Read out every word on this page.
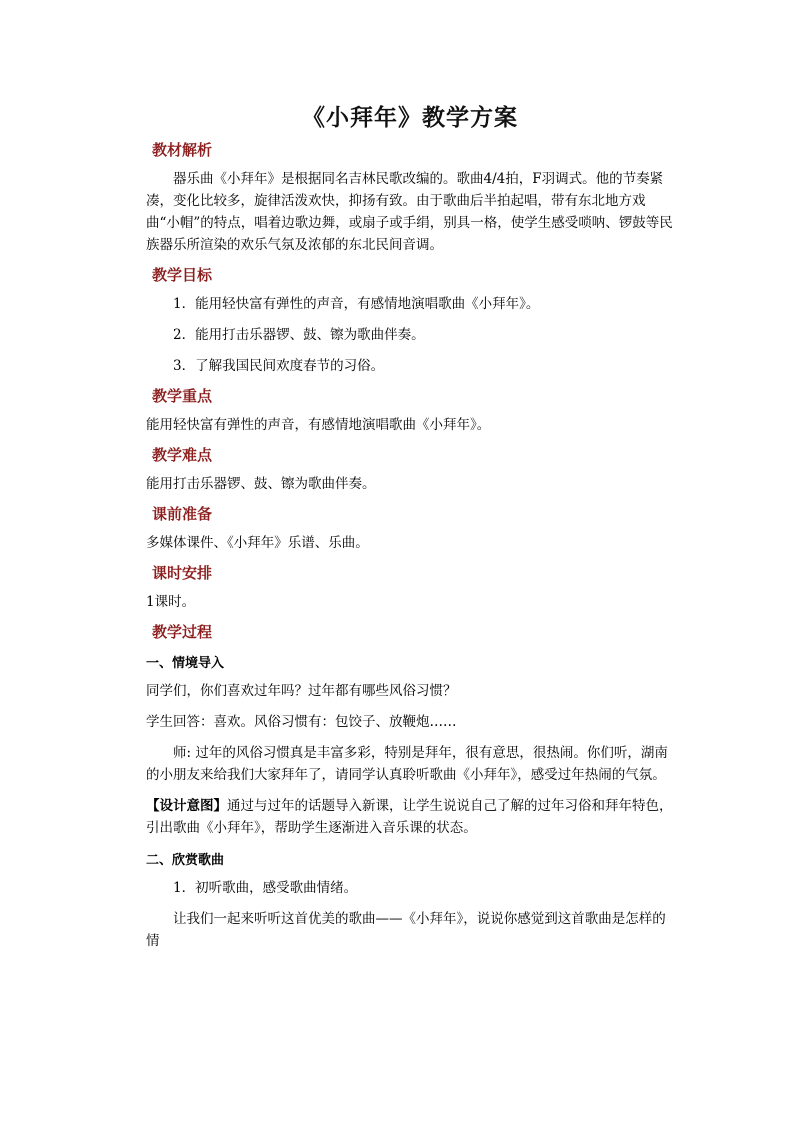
《小拜年》教学方案
教材解析

器乐曲《小拜年》是根据同名吉林民歌改编的。歌曲4/4拍，F羽调式。他的节奏紧凑，变化比较多，旋律活泼欢快，抑扬有致。由于歌曲后半拍起唱，带有东北地方戏曲“小帽”的特点，唱着边歌边舞，或扇子或手绢，别具一格，使学生感受唢呐、锣鼓等民族器乐所渲染的欢乐气氛及浓郁的东北民间音调。

教学目标

1．能用轻快富有弹性的声音，有感情地演唱歌曲《小拜年》。

2．能用打击乐器锣、鼓、镲为歌曲伴奏。

3．了解我国民间欢度春节的习俗。

教学重点

能用轻快富有弹性的声音，有感情地演唱歌曲《小拜年》。

教学难点

能用打击乐器锣、鼓、镲为歌曲伴奏。

课前准备

多媒体课件、《小拜年》乐谱、乐曲。

课时安排

1课时。

教学过程
一、情境导入

同学们，你们喜欢过年吗？过年都有哪些风俗习惯？

学生回答：喜欢。风俗习惯有：包饺子、放鞭炮……

师: 过年的风俗习惯真是丰富多彩，特别是拜年，很有意思，很热闹。你们听，湖南的小朋友来给我们大家拜年了，请同学认真聆听歌曲《小拜年》，感受过年热闹的气氛。

【设计意图】通过与过年的话题导入新课，让学生说说自己了解的过年习俗和拜年特色，引出歌曲《小拜年》，帮助学生逐渐进入音乐课的状态。

二、欣赏歌曲

1．初听歌曲，感受歌曲情绪。

让我们一起来听听这首优美的歌曲——《小拜年》，说说你感觉到这首歌曲是怎样的情
